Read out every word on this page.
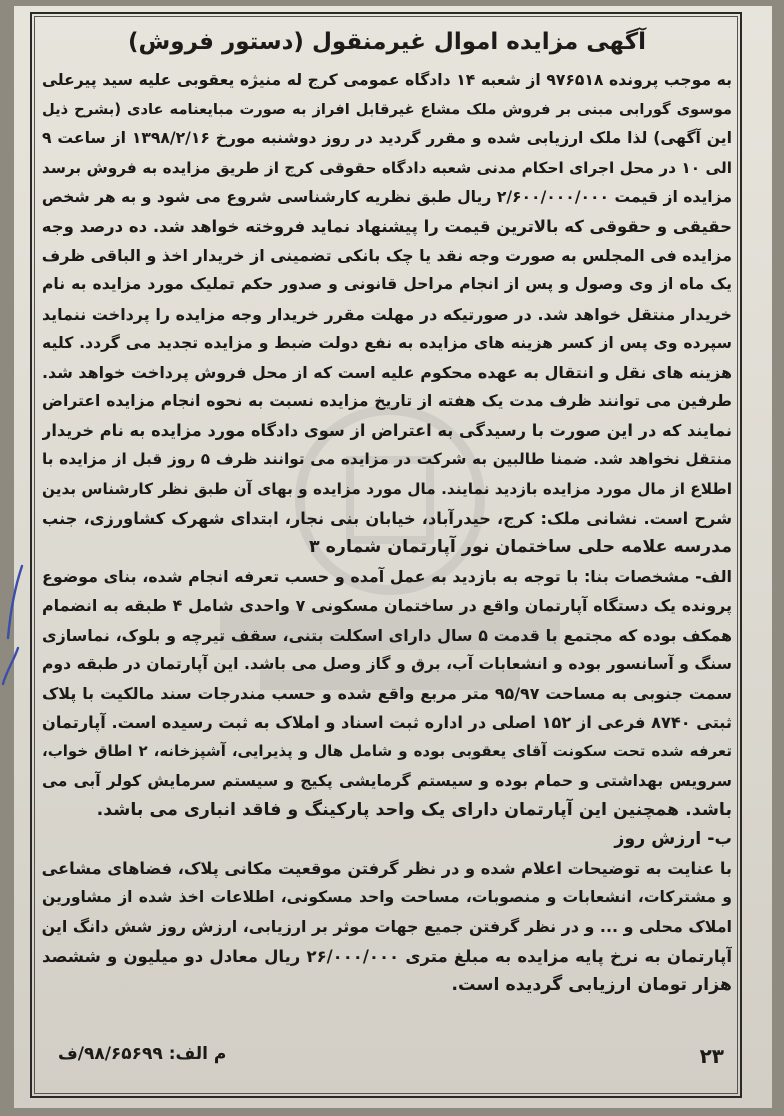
آگهی مزایده اموال غیرمنقول (دستور فروش)
به موجب پرونده ۹۷۶۵۱۸ از شعبه ۱۴ دادگاه عمومی کرج له منیژه یعقوبی علیه سید پیرعلی
موسوی گورابی مبنی بر فروش ملک مشاع غیرقابل افراز به صورت مبایعنامه عادی (بشرح ذیل
این آگهی) لذا ملک ارزیابی شده و مقرر گردید در روز دوشنبه مورخ ۱۳۹۸/۲/۱۶ از ساعت ۹
الی ۱۰ در محل اجرای احکام مدنی شعبه دادگاه حقوقی کرج از طریق مزایده به فروش برسد
مزایده از قیمت ۲/۶۰۰/۰۰۰/۰۰۰ ریال طبق نظریه کارشناسی شروع می شود و به هر شخص
حقیقی و حقوقی که بالاترین قیمت را پیشنهاد نماید فروخته خواهد شد. ده درصد وجه
مزایده فی المجلس به صورت وجه نقد یا چک بانکی تضمینی از خریدار اخذ و الباقی ظرف
یک ماه از وی وصول و پس از انجام مراحل قانونی و صدور حکم تملیک مورد مزایده به نام
خریدار منتقل خواهد شد. در صورتیکه در مهلت مقرر خریدار وجه مزایده را پرداخت ننماید
سپرده وی پس از کسر هزینه های مزایده به نفع دولت ضبط و مزایده تجدید می گردد. کلیه
هزینه های نقل و انتقال به عهده محکوم علیه است که از محل فروش پرداخت خواهد شد.
طرفین می توانند ظرف مدت یک هفته از تاریخ مزایده نسبت به نحوه انجام مزایده اعتراض
نمایند که در این صورت با رسیدگی به اعتراض از سوی دادگاه مورد مزایده به نام خریدار
منتقل نخواهد شد. ضمنا طالبین به شرکت در مزایده می توانند ظرف ۵ روز قبل از مزایده با
اطلاع از مال مورد مزایده بازدید نمایند. مال مورد مزایده و بهای آن طبق نظر کارشناس بدین
شرح است. نشانی ملک: کرج، حیدرآباد، خیابان بنی نجار، ابتدای شهرک کشاورزی، جنب
مدرسه علامه حلی ساختمان نور آپارتمان شماره ۳
الف- مشخصات بنا: با توجه به بازدید به عمل آمده و حسب تعرفه انجام شده، بنای موضوع
پرونده یک دستگاه آپارتمان واقع در ساختمان مسکونی ۷ واحدی شامل ۴ طبقه به انضمام
همکف بوده که مجتمع با قدمت ۵ سال دارای اسکلت بتنی، سقف تیرچه و بلوک، نماسازی
سنگ و آسانسور بوده و انشعابات آب، برق و گاز وصل می باشد. این آپارتمان در طبقه دوم
سمت جنوبی به مساحت ۹۵/۹۷ متر مربع واقع شده و حسب مندرجات سند مالکیت با پلاک
ثبتی ۸۷۴۰ فرعی از ۱۵۲ اصلی در اداره ثبت اسناد و املاک به ثبت رسیده است. آپارتمان
تعرفه شده تحت سکونت آقای یعقوبی بوده و شامل هال و پذیرایی، آشپزخانه، ۲ اطاق خواب،
سرویس بهداشتی و حمام بوده و سیستم گرمایشی پکیج و سیستم سرمایش کولر آبی می
باشد. همچنین این آپارتمان دارای یک واحد پارکینگ و فاقد انباری می باشد.
ب- ارزش روز
با عنایت به توضیحات اعلام شده و در نظر گرفتن موقعیت مکانی پلاک، فضاهای مشاعی
و مشترکات، انشعابات و منصوبات، مساحت واحد مسکونی، اطلاعات اخذ شده از مشاورین
املاک محلی و ... و در نظر گرفتن جمیع جهات موثر بر ارزیابی، ارزش روز شش دانگ این
آپارتمان به نرخ پایه مزایده به مبلغ متری ۲۶/۰۰۰/۰۰۰ ریال معادل دو میلیون و ششصد
هزار تومان ارزیابی گردیده است.
م الف: ۹۸/۶۵۶۹۹/ف	۲۳
